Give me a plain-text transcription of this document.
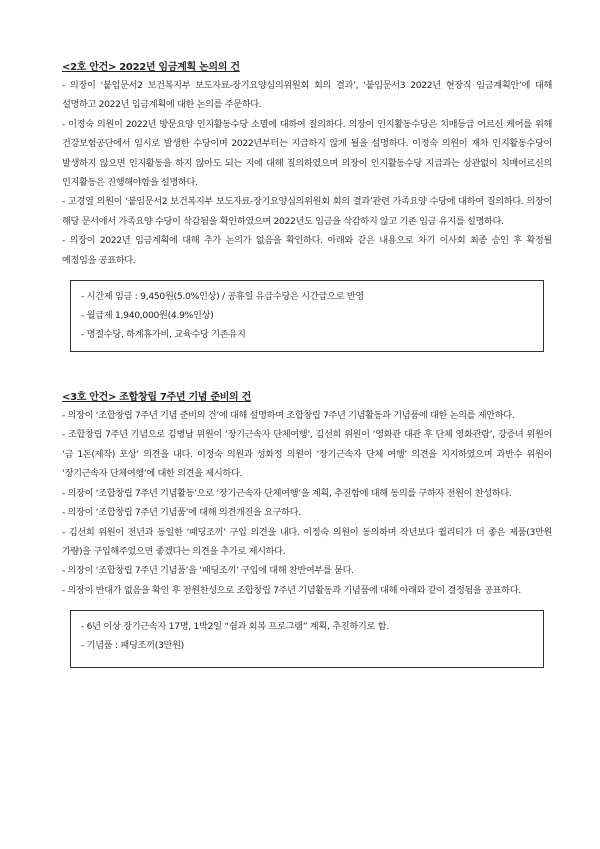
<2호 안건> 2022년 임금계획 논의의 건

- 의장이 ‘붙임문서2 보건복지부 보도자료-장기요양심의위원회 회의 결과’, ‘붙임문서3 2022년 현장직 임금계획안’에 대해 설명하고 2022년 임금계획에 대한 논의를 주문하다.

- 이정숙 의원이 2022년 방문요양 인지활동수당 소멸에 대하여 질의하다. 의장이 인지활동수당은 치매등급 어르신 케어를 위해 건강보험공단에서 임시로 발생한 수당이며 2022년부터는 지급하지 않게 될을 설명하다. 이정숙 의원이 재차 인지활동수당이 발생하지 않으면 인지활동을 하지 않아도 되는 지에 대해 질의하였으며 의장이 인지활동수당 지급과는 상관없이 치매어르신의 인지활동은 진행해야함을 설명하다.

- 고경열 의원이 ‘붙임문서2 보건복지부 보도자료-장기요양심의위원회 회의 결과’관련 가족요양 수당에 대하여 질의하다. 의장이 해당 문서에서 가족요양 수당이 삭감됨을 확인하였으며 2022년도 임금을 삭감하지 않고 기존 임금 유지를 설명하다.

- 의장이 2022년 임금계획에 대해 추가 논의가 없음을 확인하다. 아래와 같은 내용으로 차기 이사회 최종 승인 후 확정될 예정임을 공표하다.

- 시간제 임금 : 9,450원(5.0%인상) / 공휴일 유급수당은 시간급으로 반영

- 월급제 1,940,000원(4.9%인상)

- 명절수당, 하계휴가비, 교육수당 기존유지

<3호 안건> 조합창립 7주년 기념 준비의 건

- 의장이 ‘조합창립 7주년 기념 준비의 건’에 대해 설명하며 조합창립 7주년 기념활동과 기념품에 대한 논의를 제안하다.

- 조합창립 7주년 기념으로 김병남 위원이 ‘장기근속자 단체여행’, 김선희 위원이 ‘영화관 대관 후 단체 영화관람’, 강증녀 위원이 ‘금 1돈(제작) 포상’ 의견을 내다. 이정숙 의원과 성화정 의원이 ‘장기근속자 단체 여행’ 의견을 지지하였으며 과반수 위원이 ‘장기근속자 단체여행’에 대한 의견을 제시하다.

- 의장이 ‘조합창립 7주년 기념활동’으로 ‘장기근속자 단체여행’을 계획, 추진함에 대해 동의를 구하자 전원이 찬성하다.

- 의장이 ‘조합창립 7주년 기념품’에 대해 의견개진을 요구하다.

- 김선희 위원이 전년과 동일한 ‘패딩조끼’ 구입 의견을 내다. 이정숙 의원이 동의하며 작년보다 퀄리티가 더 좋은 제품(3만원 가량)을 구입해주었으면 좋겠다는 의견을 추가로 제시하다.

- 의장이 ‘조합창립 7주년 기념품’을 ‘패딩조끼’ 구입에 대해 찬반여부를 묻다.

- 의장이 반대가 없음을 확인 후 전원찬성으로 조합창립 7주년 기념활동과 기념품에 대해 아래와 같이 결정됨을 공표하다.

- 6년 이상 장기근속자 17명, 1박2일 “쉼과 회복 프로그램” 계획, 추진하기로 함.

- 기념품 : 패딩조끼(3만원)
